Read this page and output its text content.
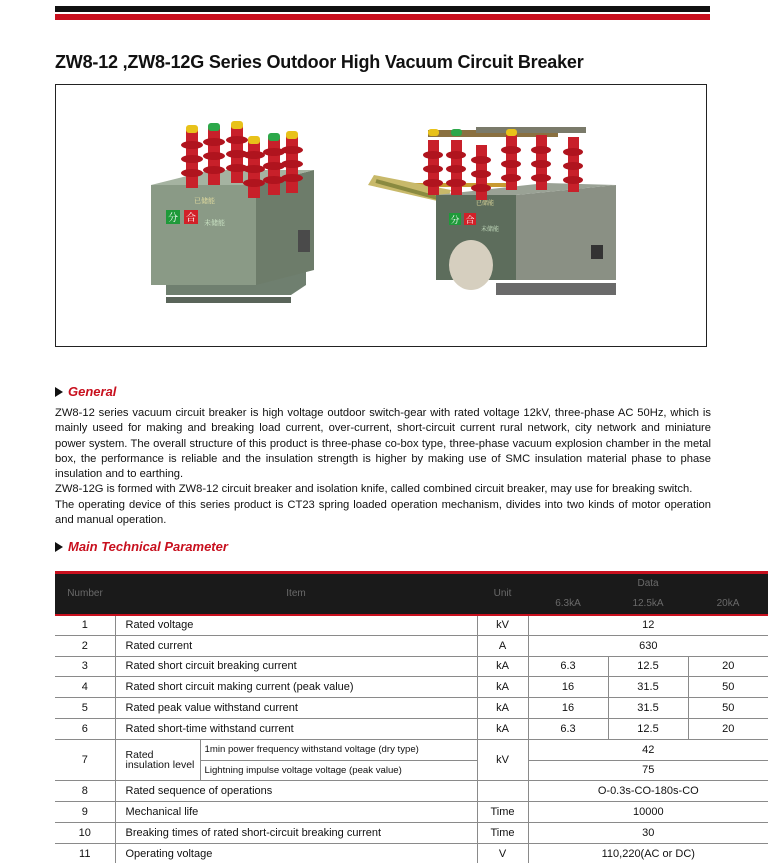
ZW8-12 ,ZW8-12G Series Outdoor High Vacuum Circuit Breaker
分 合
已储能
未储能	分 合
已储能
未储能
General

ZW8-12 series vacuum circuit breaker is high voltage outdoor switch-gear with rated voltage 12kV, three-phase AC 50Hz, which is mainly useed for making and breaking load current, over-current, short-circuit current rural network, city network and miniature power system. The overall structure of this product is three-phase co-box type, three-phase vacuum explosion chamber in the metal box, the performance is reliable and the insulation strength is higher by making use of SMC insulation material phase to phase insulation and to earthing.

ZW8-12G is formed with ZW8-12 circuit breaker and isolation knife, called combined circuit breaker, may use for breaking switch.

The operating device of this series product is CT23 spring loaded operation mechanism, divides into two kinds of motor operation and manual operation.

Main Technical Parameter
Number	Item		Unit	Data		
				6.3kA	12.5kA	20kA
1	Rated voltage		kV	12		
2	Rated current		A	630		
3	Rated short circuit breaking current		kA	6.3	12.5	20
4	Rated short circuit making current (peak value)		kA	16	31.5	50
5	Rated peak value withstand current		kA	16	31.5	50
6	Rated short-time withstand current		kA	6.3	12.5	20
7	Rated insulation level	1min power frequency withstand voltage (dry type)	kV	42		
		Lightning impulse voltage voltage (peak value)		75		
8	Rated sequence of operations			O-0.3s-CO-180s-CO		
9	Mechanical life		Time	10000		
10	Breaking times of rated short-circuit breaking current		Time	30		
11	Operating voltage		V	110,220(AC or DC)		
